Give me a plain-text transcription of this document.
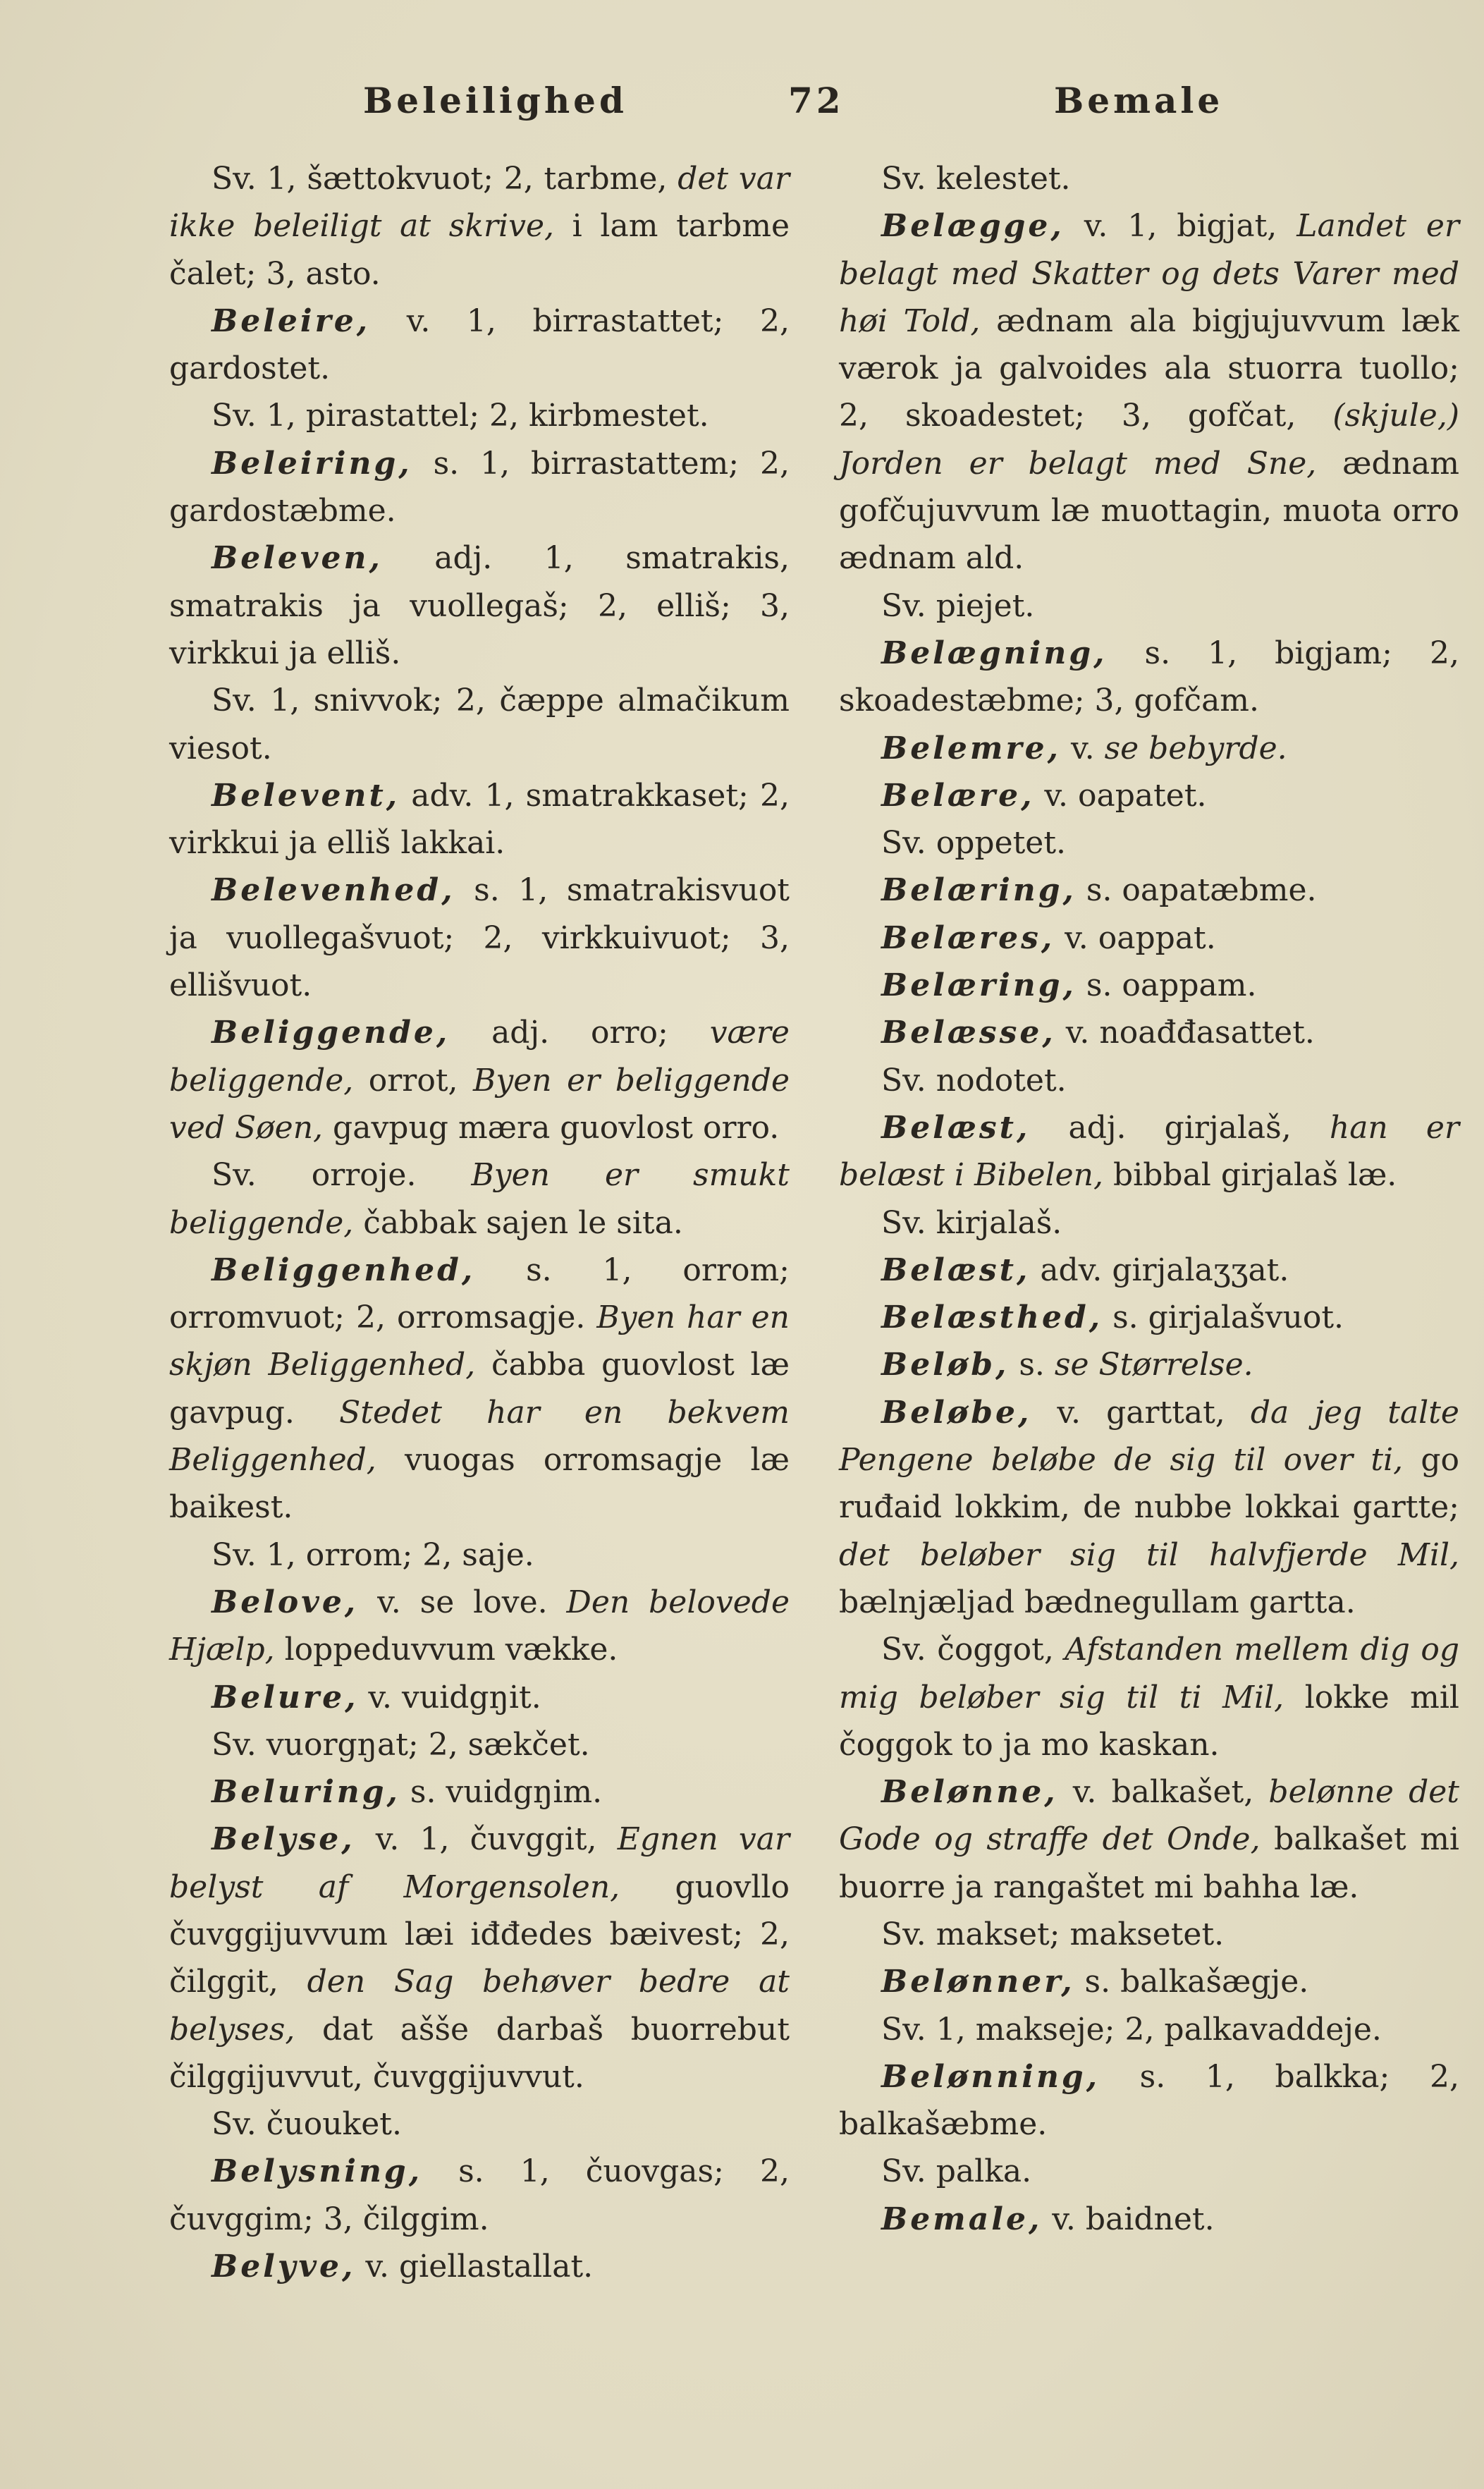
Beleilighed	72	Bemale

Sv. 1, šættokvuot; 2, tarbme, det var ikke beleiligt at skrive, i lam tarbme čalet; 3, asto.

Beleire, v. 1, birrastattet; 2, gardostet.

Sv. 1, pirastattel; 2, kirbmestet.

Beleiring, s. 1, birrastattem; 2, gardostæbme.

Beleven, adj. 1, smatrakis, smatrakis ja vuollegaš; 2, elliš; 3, virkkui ja elliš.

Sv. 1, snivvok; 2, čæppe almačikum viesot.

Belevent, adv. 1, smatrakkaset; 2, virkkui ja elliš lakkai.

Belevenhed, s. 1, smatrakisvuot ja vuollegašvuot; 2, virkkuivuot; 3, ellišvuot.

Beliggende, adj. orro; være beliggende, orrot, Byen er beliggende ved Søen, gavpug mæra guovlost orro.

Sv. orroje. Byen er smukt beliggende, čabbak sajen le sita.

Beliggenhed, s. 1, orrom; orromvuot; 2, orromsagje. Byen har en skjøn Beliggenhed, čabba guovlost læ gavpug. Stedet har en bekvem Beliggenhed, vuogas orromsagje læ baikest.

Sv. 1, orrom; 2, saje.

Belove, v. se love. Den belovede Hjælp, loppeduvvum vække.

Belure, v. vuidgŋit.

Sv. vuorgŋat; 2, sækčet.

Beluring, s. vuidgŋim.

Belyse, v. 1, čuvggit, Egnen var belyst af Morgensolen, guovllo čuvggijuvvum læi iđđedes bæivest; 2, čilggit, den Sag behøver bedre at belyses, dat ašše darbaš buorrebut čilggijuvvut, čuvggijuvvut.

Sv. čuouket.

Belysning, s. 1, čuovgas; 2, čuvggim; 3, čilggim.

Belyve, v. giellastallat.

Sv. kelestet.

Belægge, v. 1, bigjat, Landet er belagt med Skatter og dets Varer med høi Told, ædnam ala bigjujuvvum læk værok ja galvoides ala stuorra tuollo; 2, skoadestet; 3, gofčat, (skjule,) Jorden er belagt med Sne, ædnam gofčujuvvum læ muottagin, muota orro ædnam ald.

Sv. piejet.

Belægning, s. 1, bigjam; 2, skoadestæbme; 3, gofčam.

Belemre, v. se bebyrde.

Belære, v. oapatet.

Sv. oppetet.

Belæring, s. oapatæbme.

Belæres, v. oappat.

Belæring, s. oappam.

Belæsse, v. noađđasattet.

Sv. nodotet.

Belæst, adj. girjalaš, han er belæst i Bibelen, bibbal girjalaš læ.

Sv. kirjalaš.

Belæst, adv. girjalaʒʒat.

Belæsthed, s. girjalašvuot.

Beløb, s. se Størrelse.

Beløbe, v. garttat, da jeg talte Pengene beløbe de sig til over ti, go ruđaid lokkim, de nubbe lokkai gartte; det beløber sig til halvfjerde Mil, bælnjæljad bædnegullam gartta.

Sv. čoggot, Afstanden mellem dig og mig beløber sig til ti Mil, lokke mil čoggok to ja mo kaskan.

Belønne, v. balkašet, belønne det Gode og straffe det Onde, balkašet mi buorre ja rangaštet mi bahha læ.

Sv. makset; maksetet.

Belønner, s. balkašægje.

Sv. 1, makseje; 2, palkavaddeje.

Belønning, s. 1, balkka; 2, balkašæbme.

Sv. palka.

Bemale, v. baidnet.
